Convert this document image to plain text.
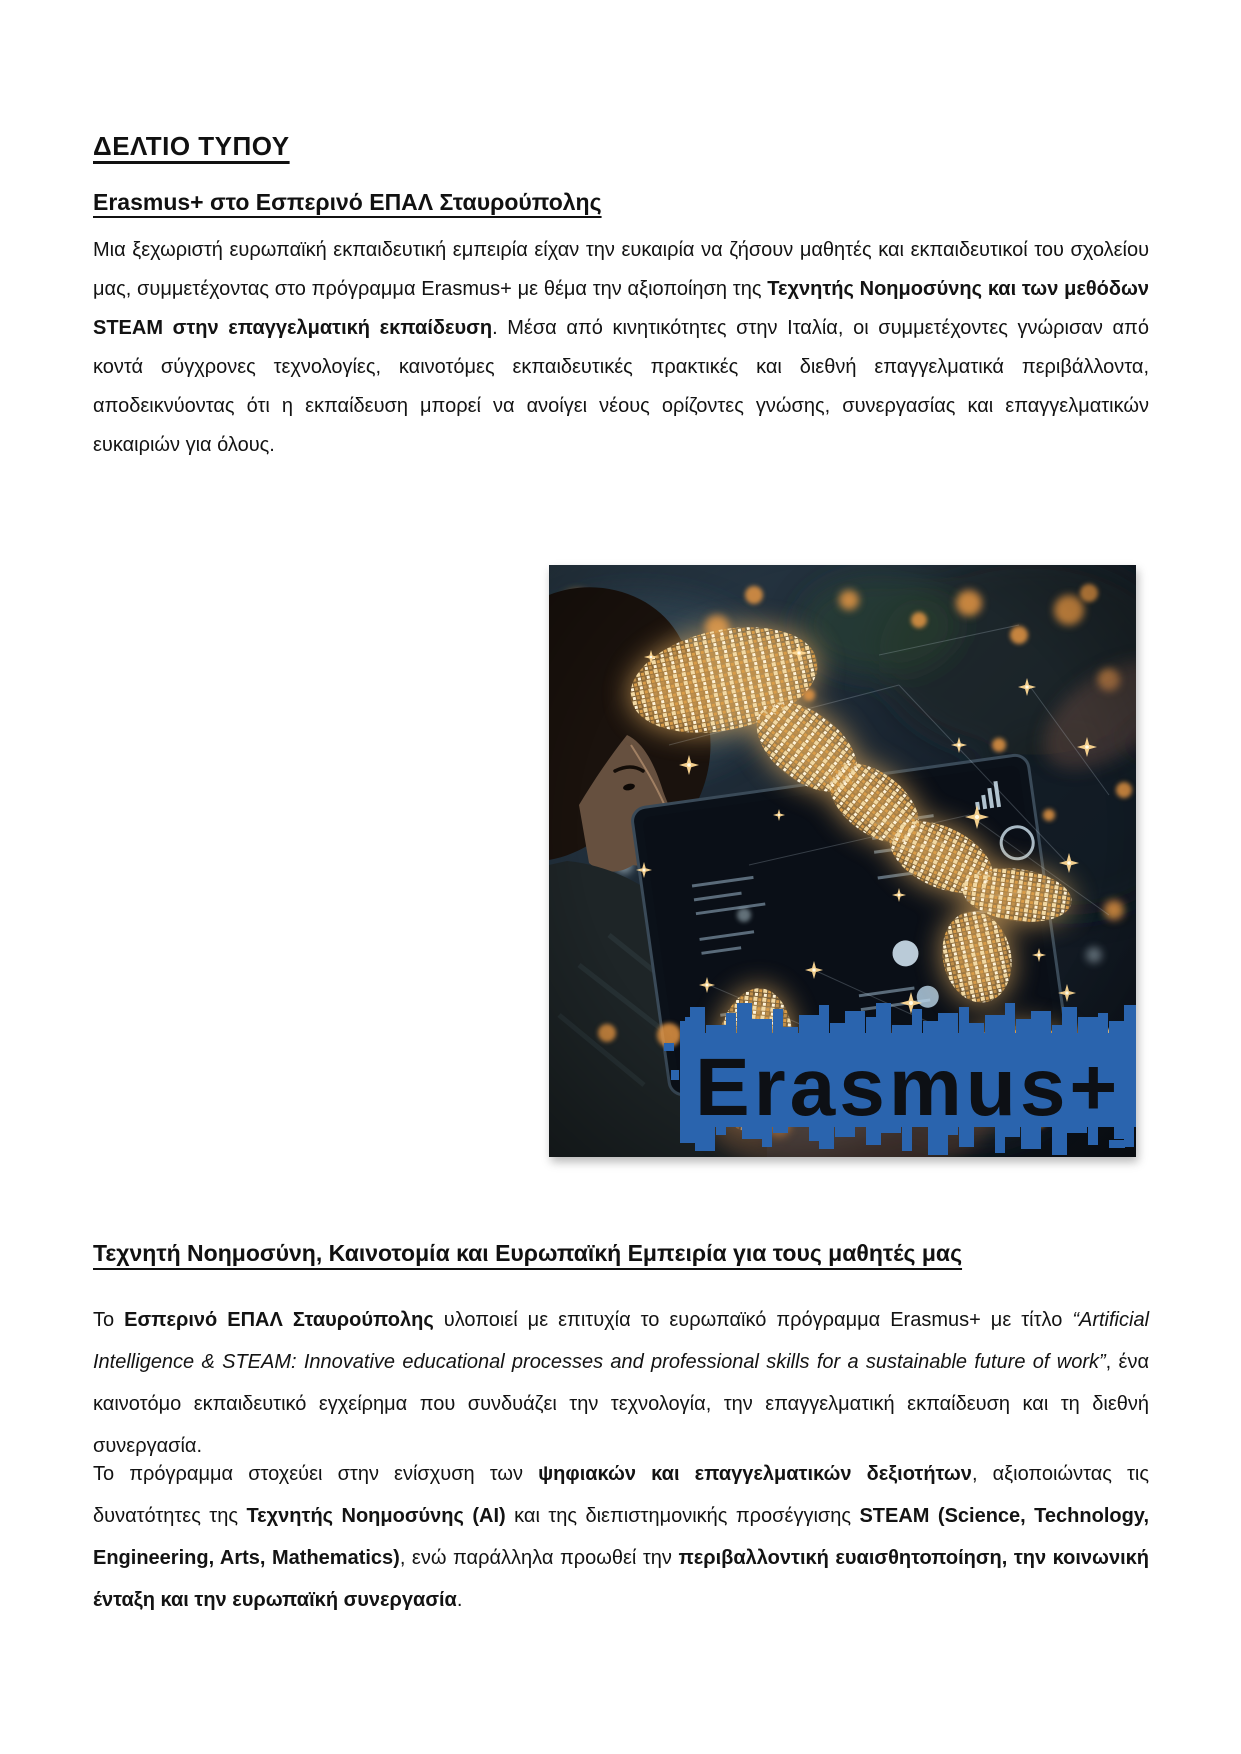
ΔΕΛΤΙΟ ΤΥΠΟΥ
Erasmus+ στο Εσπερινό ΕΠΑΛ Σταυρούπολης

Μια ξεχωριστή ευρωπαϊκή εκπαιδευτική εμπειρία είχαν την ευκαιρία να ζήσουν μαθητές και εκπαιδευτικοί του σχολείου μας, συμμετέχοντας στο πρόγραμμα Erasmus+ με θέμα την αξιοποίηση της Τεχνητής Νοημοσύνης και των μεθόδων STEAM στην επαγγελματική εκπαίδευση. Μέσα από κινητικότητες στην Ιταλία, οι συμμετέχοντες γνώρισαν από κοντά σύγχρονες τεχνολογίες, καινοτόμες εκπαιδευτικές πρακτικές και διεθνή επαγγελματικά περιβάλλοντα, αποδεικνύοντας ότι η εκπαίδευση μπορεί να ανοίγει νέους ορίζοντες γνώσης, συνεργασίας και επαγγελματικών ευκαιριών για όλους.

Erasmus+
Τεχνητή Νοημοσύνη, Καινοτομία και Ευρωπαϊκή Εμπειρία για τους μαθητές μας

Το Εσπερινό ΕΠΑΛ Σταυρούπολης υλοποιεί με επιτυχία το ευρωπαϊκό πρόγραμμα Erasmus+ με τίτλο “Artificial Intelligence & STEAM: Innovative educational processes and professional skills for a sustainable future of work”, ένα καινοτόμο εκπαιδευτικό εγχείρημα που συνδυάζει την τεχνολογία, την επαγγελματική εκπαίδευση και τη διεθνή συνεργασία.

Το πρόγραμμα στοχεύει στην ενίσχυση των ψηφιακών και επαγγελματικών δεξιοτήτων, αξιοποιώντας τις δυνατότητες της Τεχνητής Νοημοσύνης (AI) και της διεπιστημονικής προσέγγισης STEAM (Science, Technology, Engineering, Arts, Mathematics), ενώ παράλληλα προωθεί την περιβαλλοντική ευαισθητοποίηση, την κοινωνική ένταξη και την ευρωπαϊκή συνεργασία.
